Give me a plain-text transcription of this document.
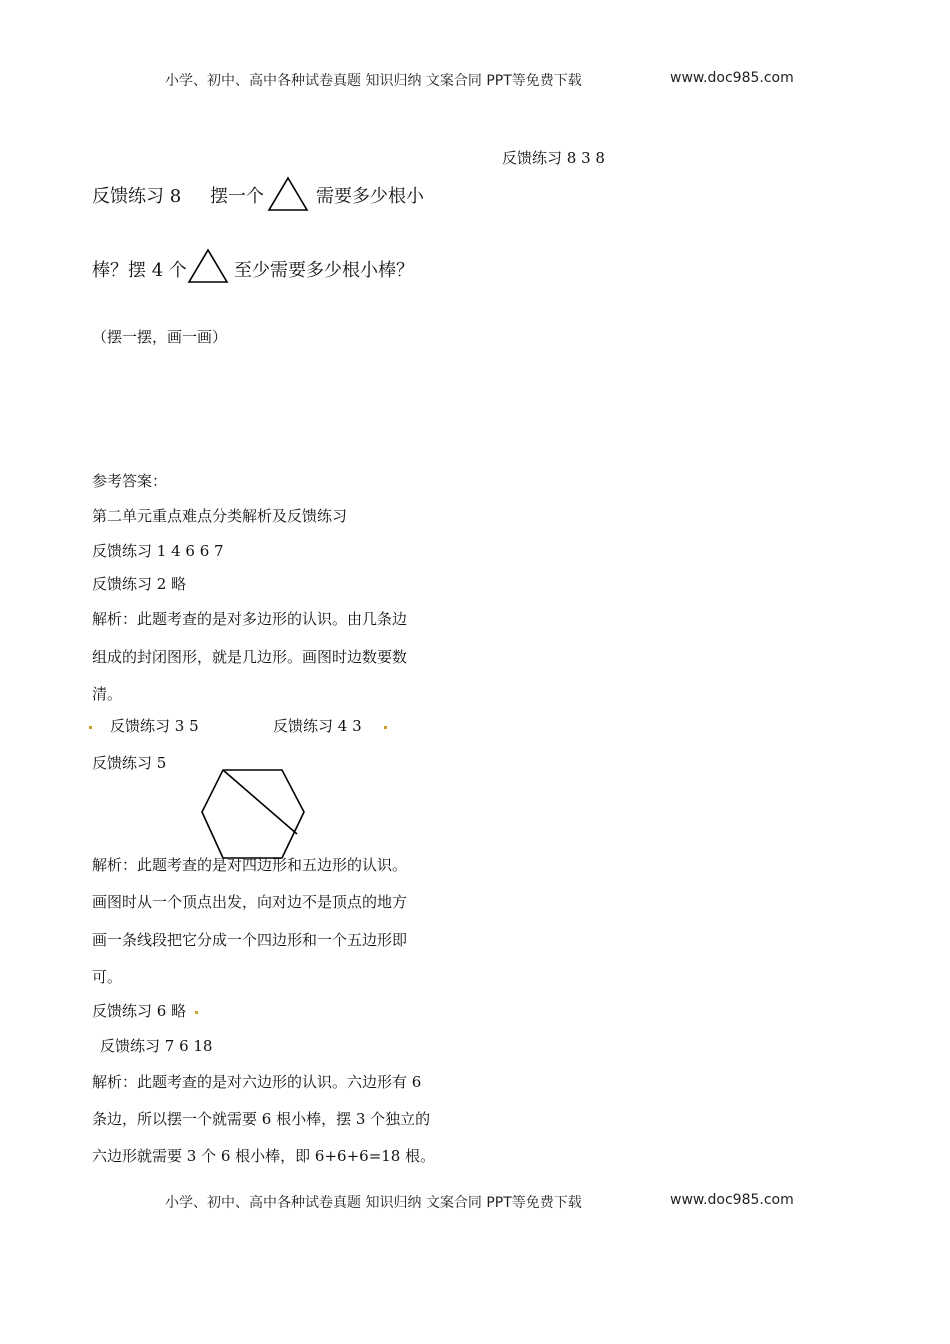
小学、初中、高中各种试卷真题 知识归纳 文案合同 PPT等免费下载	www.doc985.com
反馈练习 8 3 8
反馈练习 8 摆一个	需要多少根小
棒？摆 4 个	至少需要多少根小棒？
（摆一摆，画一画）
参考答案：
第二单元重点难点分类解析及反馈练习
反馈练习 1 4 6 6 7
反馈练习 2 略
解析：此题考查的是对多边形的认识。由几条边
组成的封闭图形，就是几边形。画图时边数要数
清。
反馈练习 3 5	反馈练习 4 3
反馈练习 5
解析：此题考查的是对四边形和五边形的认识。
画图时从一个顶点出发，向对边不是顶点的地方
画一条线段把它分成一个四边形和一个五边形即
可。
反馈练习 6 略
反馈练习 7 6 18
解析：此题考查的是对六边形的认识。六边形有 6
条边，所以摆一个就需要 6 根小棒，摆 3 个独立的
六边形就需要 3 个 6 根小棒，即 6+6+6=18 根。
小学、初中、高中各种试卷真题 知识归纳 文案合同 PPT等免费下载	www.doc985.com
